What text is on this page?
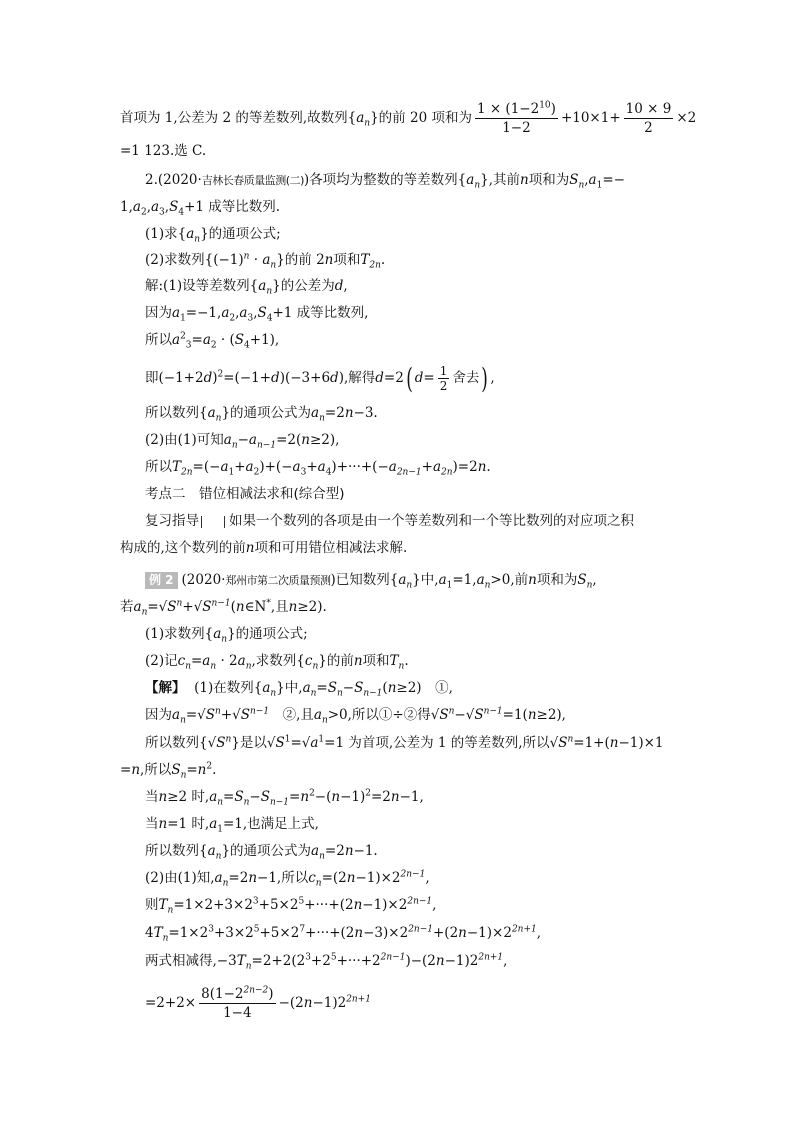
首项为 1,公差为 2 的等差数列,故数列$\{a_n\}$的前 20 项和为 $\frac{1 \times (1-2^{10})}{1-2} +10\times 1+ \frac{10 \times 9}{2} \times 2$
=1 123.选 C.
2.(2020·吉林长春质量监测(二))各项均为整数的等差数列$\{a_n\}$,其前n项和为$S_n,a_1=-$
$1,a_2,a_3,S_4+1$ 成等比数列.
(1)求$\{a_n\}$的通项公式;
(2)求数列$\{(-1)^n \cdot a_n\}$的前 2n项和$T_{2n}$.
解:(1)设等差数列$\{a_n\}$的公差为d,
因为$a_1=-1,a_2,a_3,S_4+1$ 成等比数列,
所以$a^2_3=a_2 \cdot (S_4+1)$,
即$(-1+2d)^2=(-1+d)(-3+6d)$,解得d=2( $d= \frac{1}{2}$ 舍去) ,
所以数列$\{a_n\}$的通项公式为$a_n=2n-3$.
(2)由(1)可知$a_n-a_{n-1}=2(n\ge 2)$,
所以$T_{2n}=(-a_1+a_2)+(-a_3+a_4)+\cdot\cdot\cdot+(-a_{2n-1}+a_{2n})=2n$.
考点二　错位相减法求和(综合型)
复习指导 如果一个数列的各项是由一个等差数列和一个等比数列的对应项之积
构成的,这个数列的前n项和可用错位相减法求解.
例 2 (2020·郑州市第二次质量预测)已知数列$\{a_n\}$中$,a_1=1,a_n>0$,前n项和为$S_n$,
若$a_n=√S^n+√S^{n-1}(n\in N^*$,且n≥2).
(1)求数列$\{a_n\}$的通项公式;
(2)记$c_n=a_n \cdot 2a_n$,求数列$\{c_n\}$的前n项和$T_n$.
【解】 (1)在数列$\{a_n\}$中$,a_n=S_n-S_{n-1}(n\ge 2)$　①,
因为$a_n=√S^n+√S^{n-1}$　②,且$a_n>0$,所以①÷②得$√S^n-√S^{n-1}=1(n\ge 2)$,
所以数列$\{√S^n\}$是以$√S^1=√a^1=1$ 为首项,公差为 1 的等差数列,所以$√S^n=1+(n-1)\times 1$
=n,所以$S_n=n^2$.
当n≥2 时$,a_n=S_n-S_{n-1}=n^2-(n-1)^2=2n-1$,
当n=1 时$,a_1=1$,也满足上式,
所以数列$\{a_n\}$的通项公式为$a_n=2n-1$.
(2)由(1)知$,a_n=2n-1$,所以$c_n=(2n-1)\times 2^{2n-1}$,
则$T_n=1\times 2+3\times 2^3+5\times 2^5+\cdot\cdot\cdot+(2n-1)\times 2^{2n-1}$,
$4T_n=1\times 2^3+3\times 2^5+5\times 2^7+\cdot\cdot\cdot+(2n-3)\times 2^{2n-1}+(2n-1)\times 2^{2n+1}$,
两式相减得$,-3T_n=2+2(2^3+2^5+\cdot\cdot\cdot+2^{2n-1})-(2n-1)2^{2n+1}$,
$=2+2\times \frac{8(1-2^{2n-2})}{1-4} -(2n-1)2^{2n+1}$
